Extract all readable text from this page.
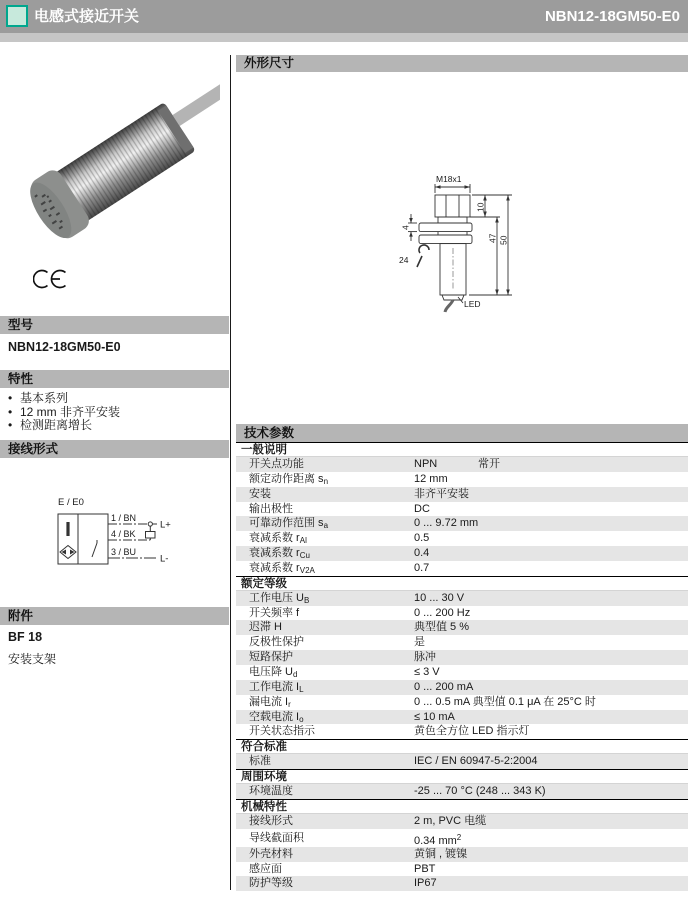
电感式接近开关	NBN12-18GM50-E0
型号
NBN12-18GM50-E0
特性
• 基本系列
• 12 mm 非齐平安装
• 检测距离增长
接线形式
E / E0
1 / BN
4 / BK
3 / BU
L+
L-
附件
BF 18
安装支架
外形尺寸
M18x1
10
47 50
4
24
LED
技术参数
一般说明
开关点功能	NPN	常开
额定动作距离 $s_n$	12 mm
安装	非齐平安装
输出极性	DC
可靠动作范围 $s_a$	0 ... 9.72 mm
衰减系数 $r_{Al}$	0.5
衰减系数 $r_{Cu}$	0.4
衰减系数 $r_{V2A}$	0.7
额定等级
工作电压 $U_B$	10 ... 30 V
开关频率 f	0 ... 200 Hz
迟滞 H	典型值 5 %
反极性保护	是
短路保护	脉冲
电压降 $U_d$	≤ 3 V
工作电流 $I_L$	0 ... 200 mA
漏电流 $I_r$	0 ... 0.5 mA 典型值 0.1 μA 在 25°C 时
空载电流 $I_o$	≤ 10 mA
开关状态指示	黄色全方位 LED 指示灯
符合标准
标准	IEC / EN 60947-5-2:2004
周围环境
环境温度	-25 ... 70 °C (248 ... 343 K)
机械特性
接线形式	2 m, PVC 电缆
导线截面积	0.34 $mm^2$
外壳材料	黄铜 , 镀镍
感应面	PBT
防护等级	IP67
